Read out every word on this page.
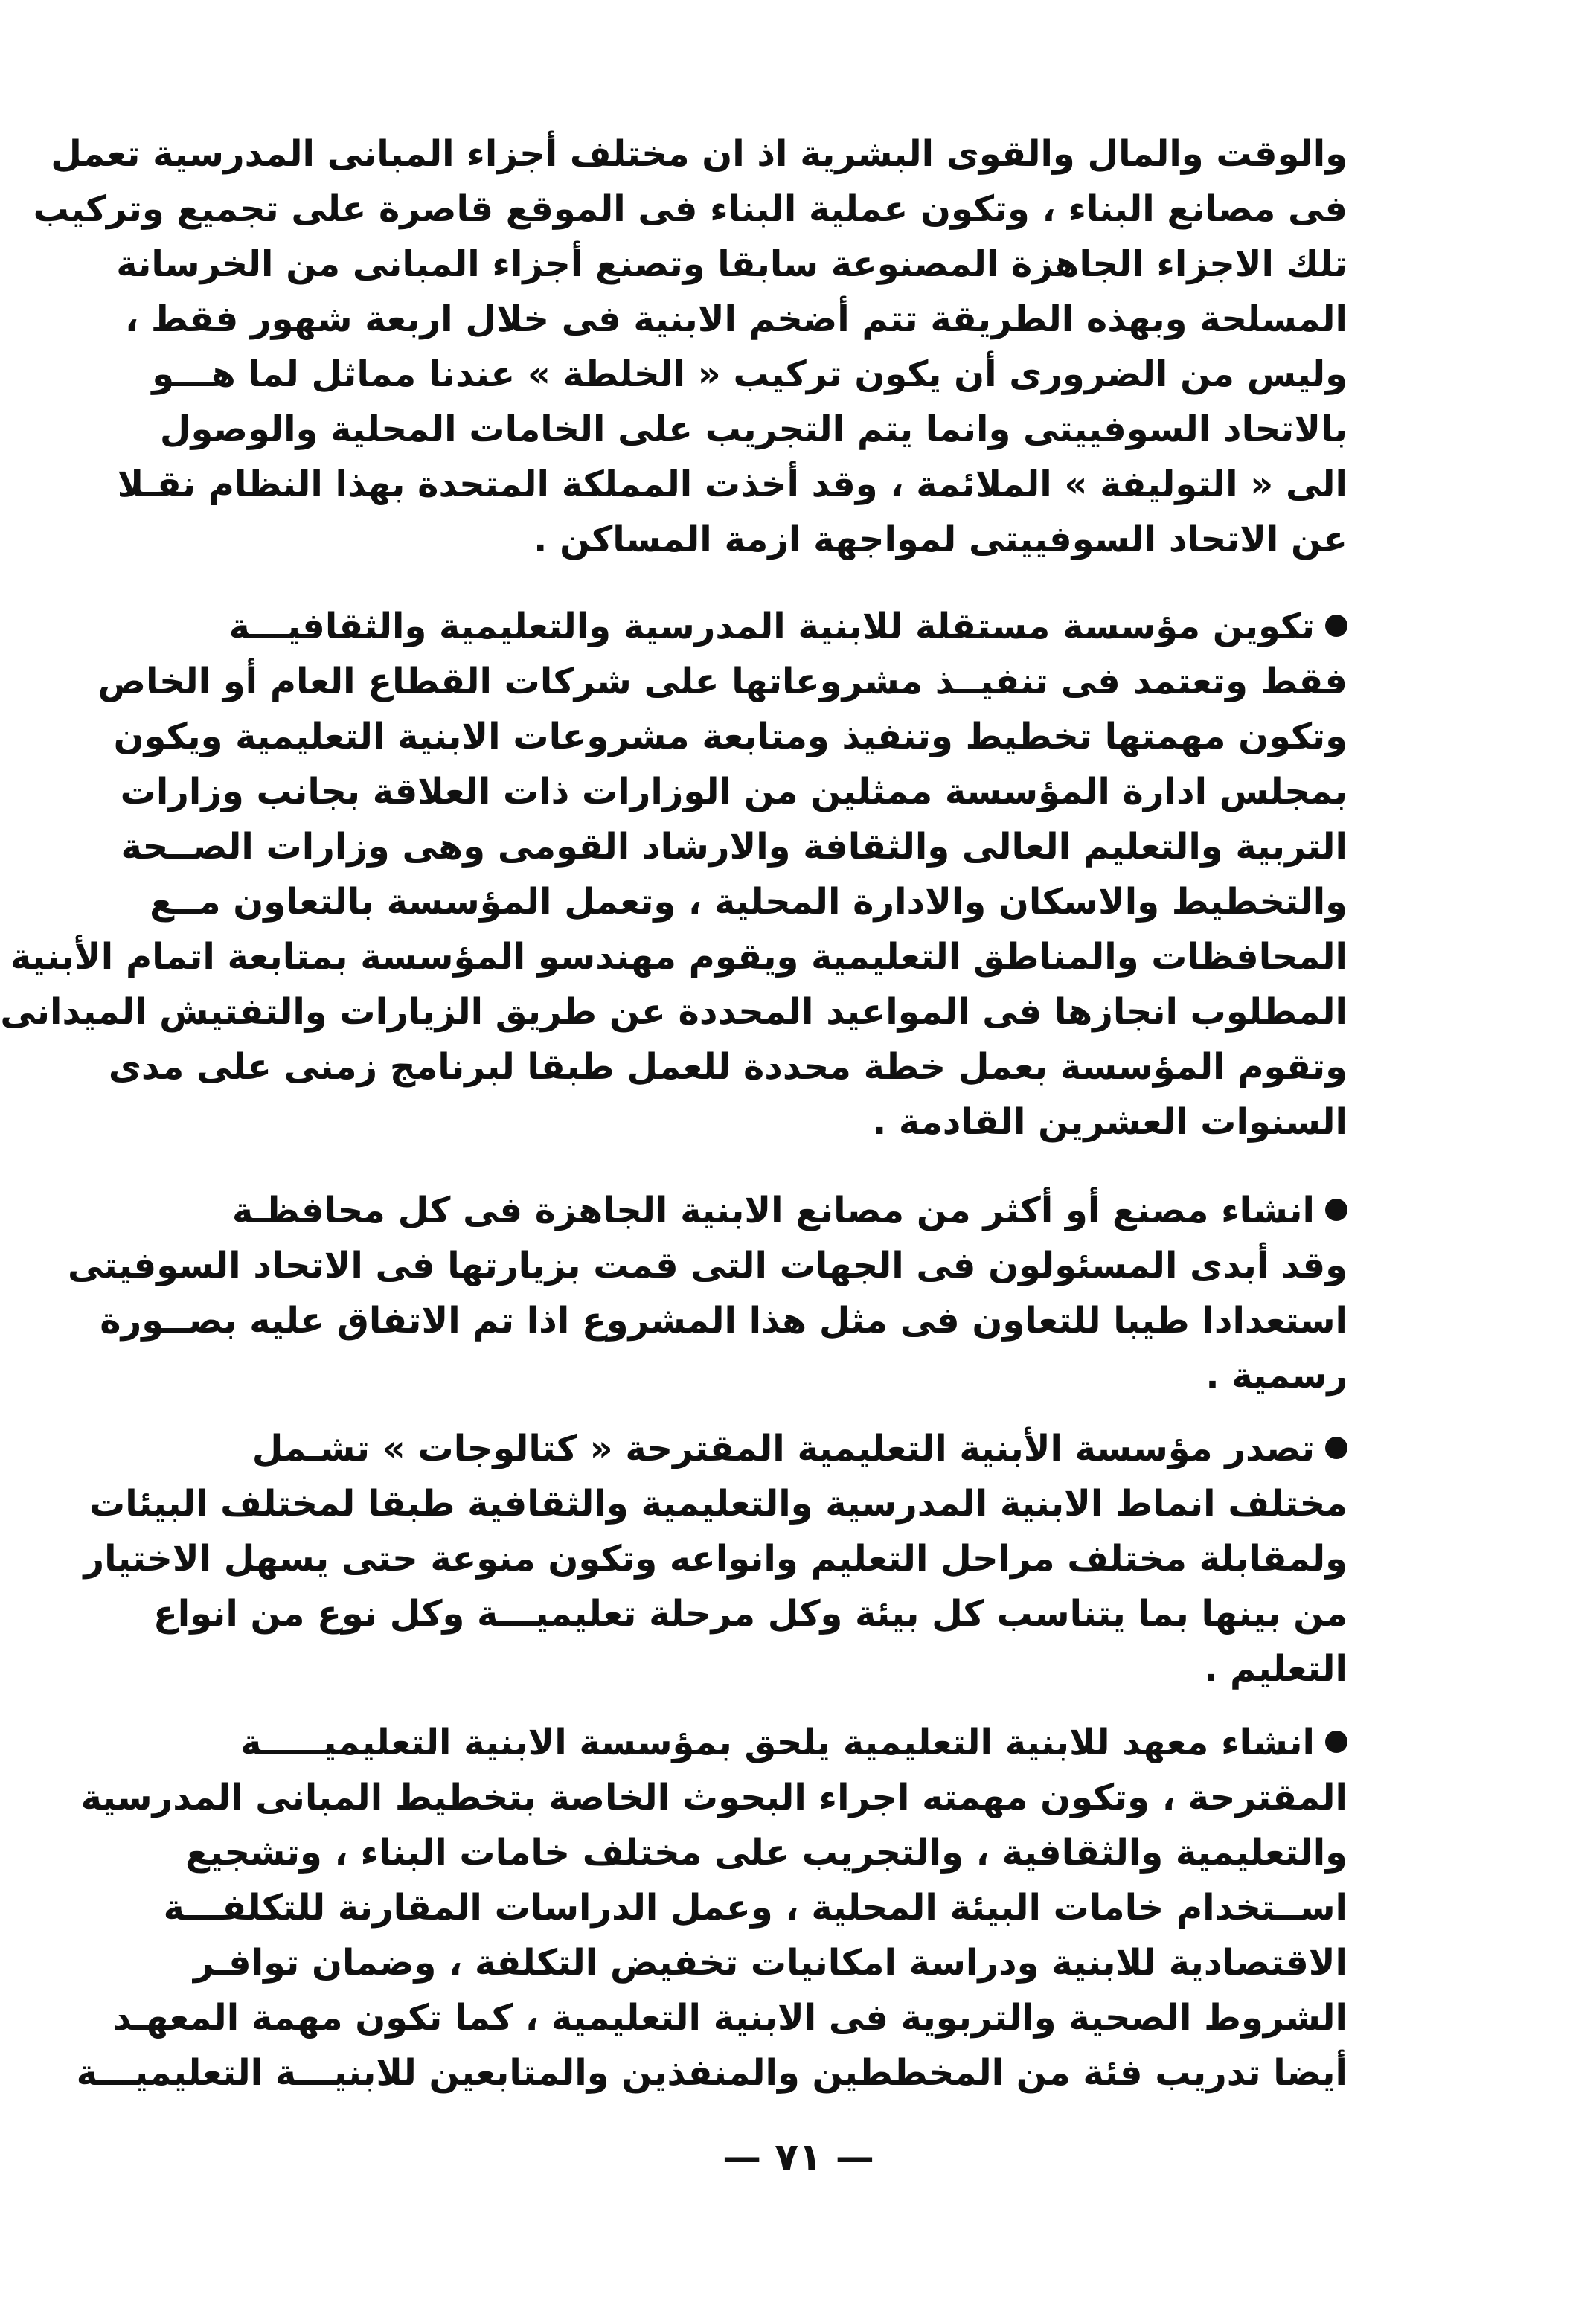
والوقت والمال والقوى البشرية اذ ان مختلف أجزاء المبانى المدرسية تعمل
فى مصانع البناء ، وتكون عملية البناء فى الموقع قاصرة على تجميع وتركيب
تلك الاجزاء الجاهزة المصنوعة سابقا وتصنع أجزاء المبانى من الخرسانة
المسلحة وبهذه الطريقة تتم أضخم الابنية فى خلال اربعة شهور فقط ،
وليس من الضرورى أن يكون تركيب « الخلطة » عندنا مماثل لما هـــو
بالاتحاد السوفييتى وانما يتم التجريب على الخامات المحلية والوصول
الى « التوليفة » الملائمة ، وقد أخذت المملكة المتحدة بهذا النظام نقـلا
عن الاتحاد السوفييتى لمواجهة ازمة المساكن .
تكوين مؤسسة مستقلة للابنية المدرسية والتعليمية والثقافيـــة
فقط وتعتمد فى تنفيــذ مشروعاتها على شركات القطاع العام أو الخاص
وتكون مهمتها تخطيط وتنفيذ ومتابعة مشروعات الابنية التعليمية ويكون
بمجلس ادارة المؤسسة ممثلين من الوزارات ذات العلاقة بجانب وزارات
التربية والتعليم العالى والثقافة والارشاد القومى وهى وزارات الصــحة
والتخطيط والاسكان والادارة المحلية ، وتعمل المؤسسة بالتعاون مــع
المحافظات والمناطق التعليمية ويقوم مهندسو المؤسسة بمتابعة اتمام الأبنية
المطلوب انجازها فى المواعيد المحددة عن طريق الزيارات والتفتيش الميدانى
وتقوم المؤسسة بعمل خطة محددة للعمل طبقا لبرنامج زمنى على مدى
السنوات العشرين القادمة .
انشاء مصنع أو أكثر من مصانع الابنية الجاهزة فى كل محافظـة
وقد أبدى المسئولون فى الجهات التى قمت بزيارتها فى الاتحاد السوفيتى
استعدادا طيبا للتعاون فى مثل هذا المشروع اذا تم الاتفاق عليه بصــورة
رسمية .
تصدر مؤسسة الأبنية التعليمية المقترحة « كتالوجات » تشـمل
مختلف انماط الابنية المدرسية والتعليمية والثقافية طبقا لمختلف البيئات
ولمقابلة مختلف مراحل التعليم وانواعه وتكون منوعة حتى يسهل الاختيار
من بينها بما يتناسب كل بيئة وكل مرحلة تعليميـــة وكل نوع من انواع
التعليم .
انشاء معهد للابنية التعليمية يلحق بمؤسسة الابنية التعليميـــــة
المقترحة ، وتكون مهمته اجراء البحوث الخاصة بتخطيط المبانى المدرسية
والتعليمية والثقافية ، والتجريب على مختلف خامات البناء ، وتشجيع
اســتخدام خامات البيئة المحلية ، وعمل الدراسات المقارنة للتكلفـــة
الاقتصادية للابنية ودراسة امكانيات تخفيض التكلفة ، وضمان توافـر
الشروط الصحية والتربوية فى الابنية التعليمية ، كما تكون مهمة المعهـد
أيضا تدريب فئة من المخططين والمنفذين والمتابعين للابنيـــة التعليميـــة
— ٧١ —
